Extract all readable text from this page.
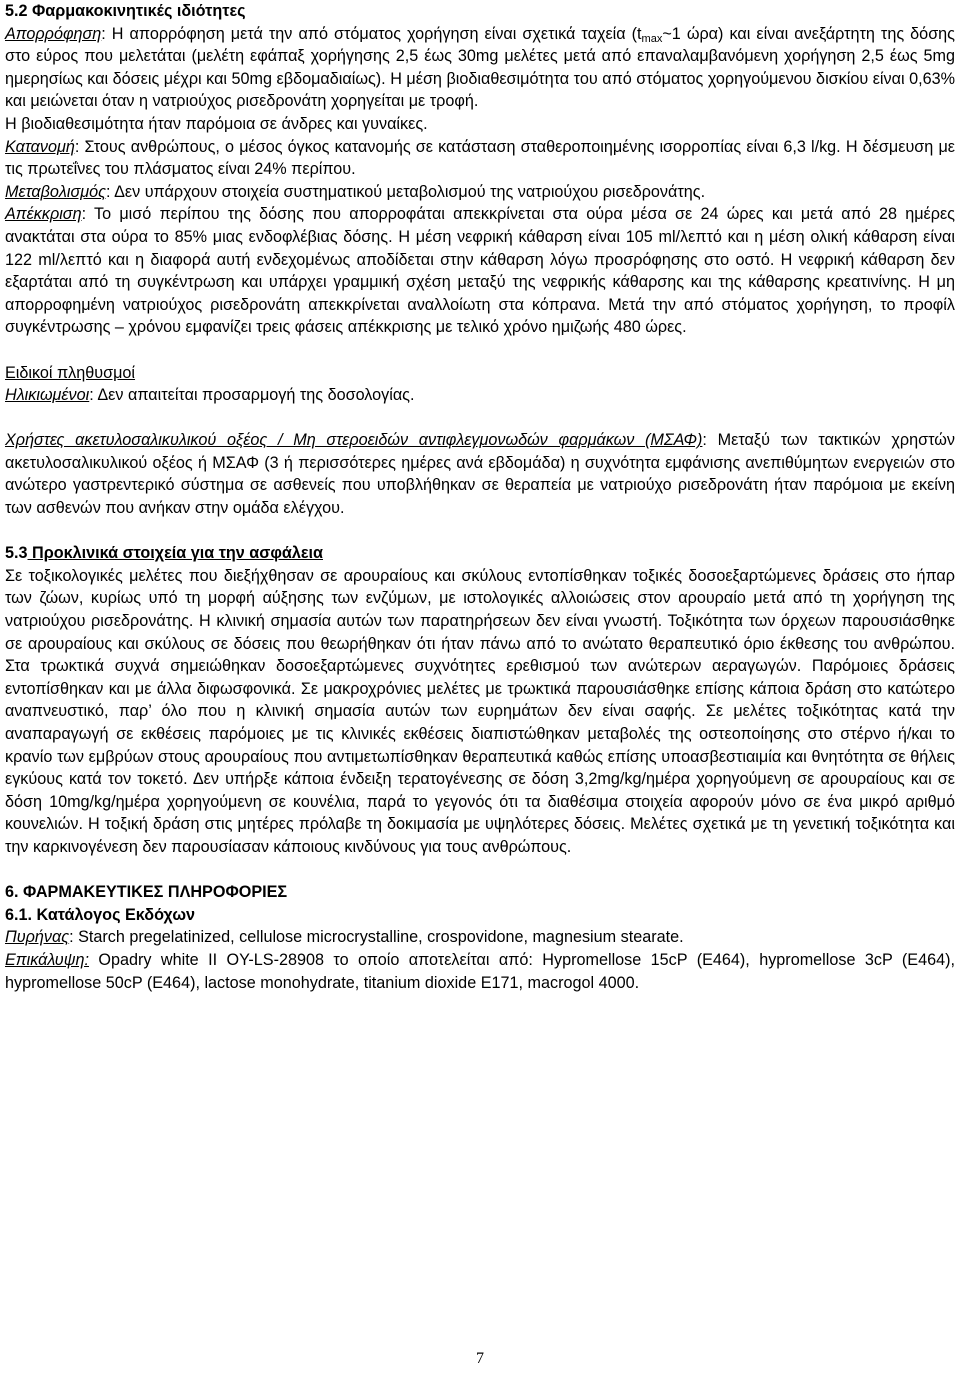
5.2 Φαρμακοκινητικές ιδιότητες

Απορρόφηση: Η απορρόφηση μετά την από στόματος χορήγηση είναι σχετικά ταχεία ($t_{max}\sim 1$ ώρα) και είναι ανεξάρτητη της δόσης στο εύρος που μελετάται (μελέτη εφάπαξ χορήγησης 2,5 έως 30mg μελέτες μετά από επαναλαμβανόμενη χορήγηση 2,5 έως 5mg ημερησίως και δόσεις μέχρι και 50mg εβδομαδιαίως). Η μέση βιοδιαθεσιμότητα του από στόματος χορηγούμενου δισκίου είναι 0,63% και μειώνεται όταν η νατριούχος ρισεδρονάτη χορηγείται με τροφή.

Η βιοδιαθεσιμότητα ήταν παρόμοια σε άνδρες και γυναίκες.

Κατανομή: Στους ανθρώπους, ο μέσος όγκος κατανομής σε κατάσταση σταθεροποιημένης ισορροπίας είναι 6,3 l/kg. Η δέσμευση με τις πρωτεΐνες του πλάσματος είναι 24% περίπου.

Μεταβολισμός: Δεν υπάρχουν στοιχεία συστηματικού μεταβολισμού της νατριούχου ρισεδρονάτης.

Απέκκριση: Το μισό περίπου της δόσης που απορροφάται απεκκρίνεται στα ούρα μέσα σε 24 ώρες και μετά από 28 ημέρες ανακτάται στα ούρα το 85% μιας ενδοφλέβιας δόσης. Η μέση νεφρική κάθαρση είναι 105 ml/λεπτό και η μέση ολική κάθαρση είναι 122 ml/λεπτό και η διαφορά αυτή ενδεχομένως αποδίδεται στην κάθαρση λόγω προσρόφησης στο οστό. Η νεφρική κάθαρση δεν εξαρτάται από τη συγκέντρωση και υπάρχει γραμμική σχέση μεταξύ της νεφρικής κάθαρσης και της κάθαρσης κρεατινίνης. Η μη απορροφημένη νατριούχος ρισεδρονάτη απεκκρίνεται αναλλοίωτη στα κόπρανα. Μετά την από στόματος χορήγηση, το προφίλ συγκέντρωσης – χρόνου εμφανίζει τρεις φάσεις απέκκρισης με τελικό χρόνο ημιζωής 480 ώρες.

Ειδικοί πληθυσμοί

Ηλικιωμένοι: Δεν απαιτείται προσαρμογή της δοσολογίας.

Χρήστες ακετυλοσαλικυλικού οξέος / Μη στεροειδών αντιφλεγμονωδών φαρμάκων (ΜΣΑΦ): Μεταξύ των τακτικών χρηστών ακετυλοσαλικυλικού οξέος ή ΜΣΑΦ (3 ή περισσότερες ημέρες ανά εβδομάδα) η συχνότητα εμφάνισης ανεπιθύμητων ενεργειών στο ανώτερο γαστρεντερικό σύστημα σε ασθενείς που υποβλήθηκαν σε θεραπεία με νατριούχο ρισεδρονάτη ήταν παρόμοια με εκείνη των ασθενών που ανήκαν στην ομάδα ελέγχου.

5.3 Προκλινικά στοιχεία για την ασφάλεια

Σε τοξικολογικές μελέτες που διεξήχθησαν σε αρουραίους και σκύλους εντοπίσθηκαν τοξικές δοσοεξαρτώμενες δράσεις στο ήπαρ των ζώων, κυρίως υπό τη μορφή αύξησης των ενζύμων, με ιστολογικές αλλοιώσεις στον αρουραίο μετά από τη χορήγηση της νατριούχου ρισεδρονάτης. Η κλινική σημασία αυτών των παρατηρήσεων δεν είναι γνωστή. Τοξικότητα των όρχεων παρουσιάσθηκε σε αρουραίους και σκύλους σε δόσεις που θεωρήθηκαν ότι ήταν πάνω από το ανώτατο θεραπευτικό όριο έκθεσης του ανθρώπου. Στα τρωκτικά συχνά σημειώθηκαν δοσοεξαρτώμενες συχνότητες ερεθισμού των ανώτερων αεραγωγών. Παρόμοιες δράσεις εντοπίσθηκαν και με άλλα διφωσφονικά. Σε μακροχρόνιες μελέτες με τρωκτικά παρουσιάσθηκε επίσης κάποια δράση στο κατώτερο αναπνευστικό, παρ’ όλο που η κλινική σημασία αυτών των ευρημάτων δεν είναι σαφής. Σε μελέτες τοξικότητας κατά την αναπαραγωγή σε εκθέσεις παρόμοιες με τις κλινικές εκθέσεις διαπιστώθηκαν μεταβολές της οστεοποίησης στο στέρνο ή/και το κρανίο των εμβρύων στους αρουραίους που αντιμετωπίσθηκαν θεραπευτικά καθώς επίσης υποασβεστιαιμία και θνητότητα σε θήλεις εγκύους κατά τον τοκετό. Δεν υπήρξε κάποια ένδειξη τερατογένεσης σε δόση 3,2mg/kg/ημέρα χορηγούμενη σε αρουραίους και σε δόση 10mg/kg/ημέρα χορηγούμενη σε κουνέλια, παρά το γεγονός ότι τα διαθέσιμα στοιχεία αφορούν μόνο σε ένα μικρό αριθμό κουνελιών. Η τοξική δράση στις μητέρες πρόλαβε τη δοκιμασία με υψηλότερες δόσεις. Μελέτες σχετικά με τη γενετική τοξικότητα και την καρκινογένεση δεν παρουσίασαν κάποιους κινδύνους για τους ανθρώπους.

6. ΦΑΡΜΑΚΕΥΤΙΚΕΣ ΠΛΗΡΟΦΟΡΙΕΣ

6.1. Κατάλογος Εκδόχων

Πυρήνας: Starch pregelatinized, cellulose microcrystalline, crospovidone, magnesium stearate.

Επικάλυψη: Opadry white II OY-LS-28908 το οποίο αποτελείται από: Hypromellose 15cP (E464), hypromellose 3cP (E464), hypromellose 50cP (E464), lactose monohydrate, titanium dioxide E171, macrogol 4000.

7
